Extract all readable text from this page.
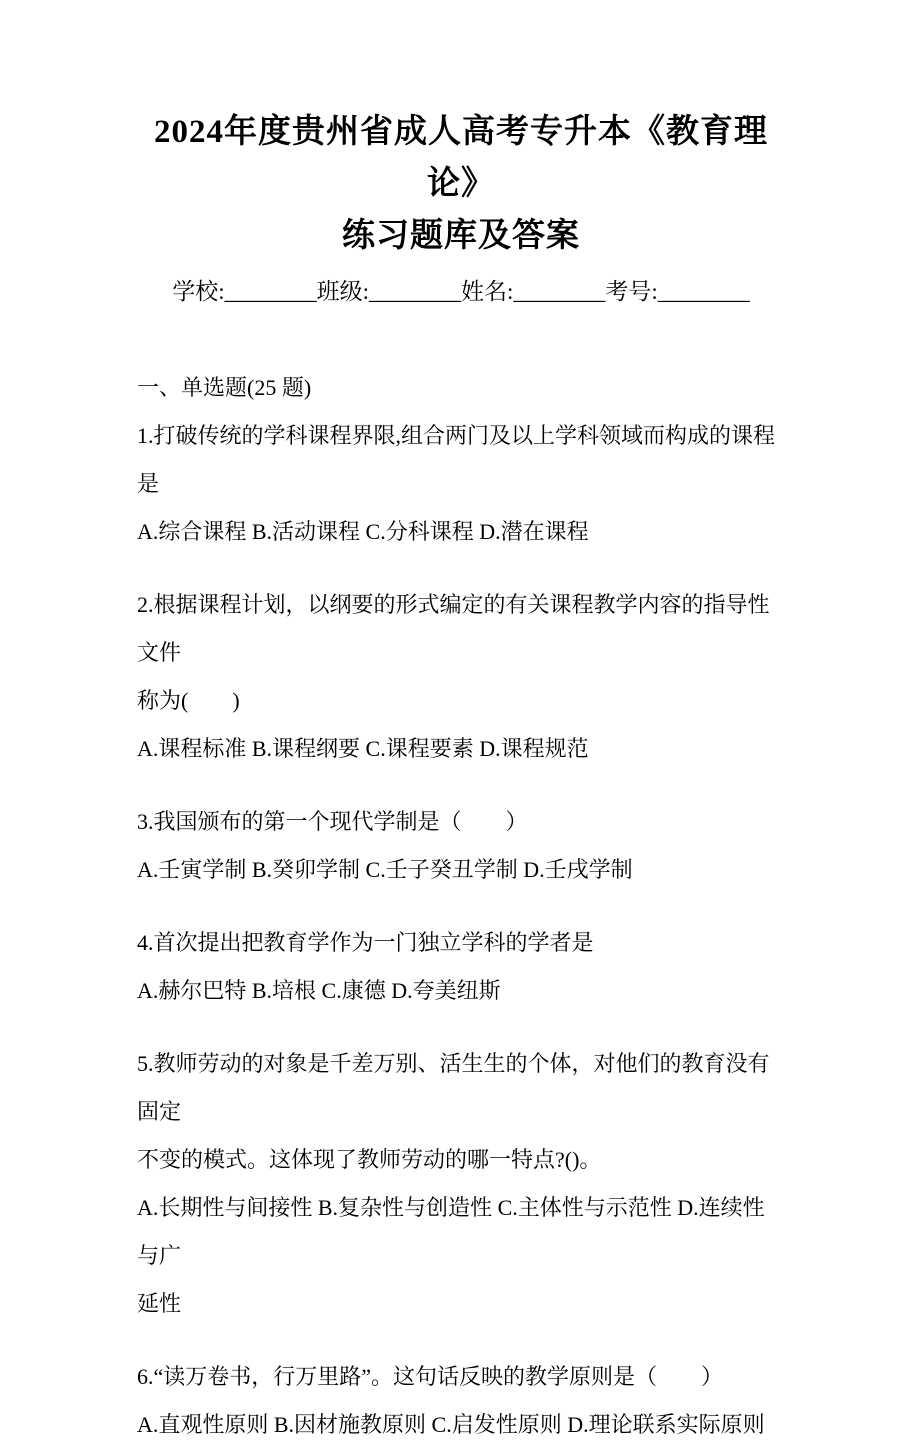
2024年度贵州省成人高考专升本《教育理论》
练习题库及答案
学校:________班级:________姓名:________考号:________

一、单选题(25 题)

1.打破传统的学科课程界限,组合两门及以上学科领域而构成的课程是

A.综合课程 B.活动课程 C.分科课程 D.潜在课程

2.根据课程计划，以纲要的形式编定的有关课程教学内容的指导性文件

称为(　　)

A.课程标准 B.课程纲要 C.课程要素 D.课程规范

3.我国颁布的第一个现代学制是（　　）

A.壬寅学制 B.癸卯学制 C.壬子癸丑学制 D.壬戌学制

4.首次提出把教育学作为一门独立学科的学者是

A.赫尔巴特 B.培根 C.康德 D.夸美纽斯

5.教师劳动的对象是千差万别、活生生的个体，对他们的教育没有固定

不变的模式。这体现了教师劳动的哪一特点?()。

A.长期性与间接性 B.复杂性与创造性 C.主体性与示范性 D.连续性与广

延性

6.“读万卷书，行万里路”。这句话反映的教学原则是（　　）

A.直观性原则 B.因材施教原则 C.启发性原则 D.理论联系实际原则
